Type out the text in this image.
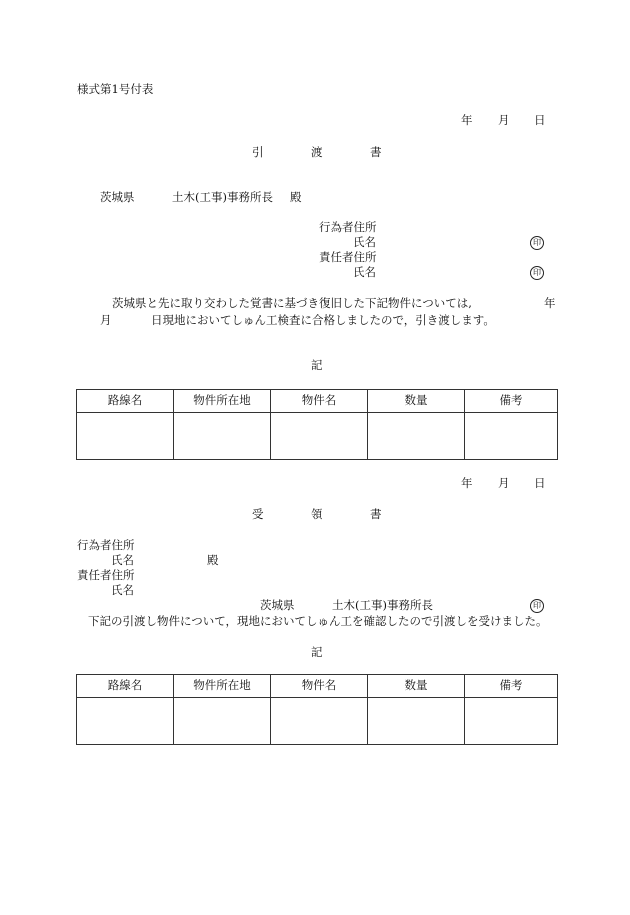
様式第1号付表
年 月 日
引	渡	書
茨城県	土木(工事)事務所長 殿
行為者住所
氏名	印
責任者住所
氏名	印
茨城県と先に取り交わした覚書に基づき復旧した下記物件については,	年
月	日現地においてしゅん工検査に合格しましたので，引き渡します。
記
路線名	物件所在地	物件名	数量	備考

年 月 日
受	領	書
行為者住所
氏名	殿
責任者住所
氏名
茨城県	土木(工事)事務所長	印
下記の引渡し物件について，現地においてしゅん工を確認したので引渡しを受けました。
記
路線名	物件所在地	物件名	数量	備考
